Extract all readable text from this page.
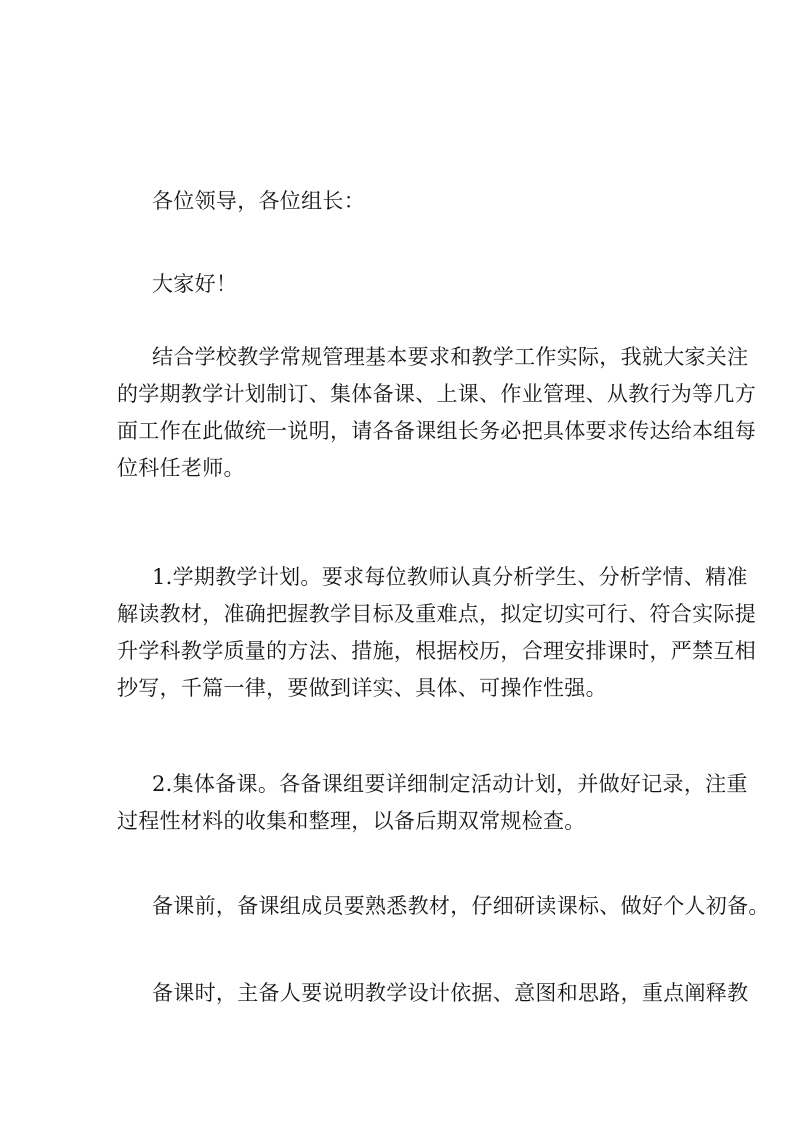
各位领导，各位组长：
大家好！
结合学校教学常规管理基本要求和教学工作实际，我就大家关注
的学期教学计划制订、集体备课、上课、作业管理、从教行为等几方
面工作在此做统一说明，请各备课组长务必把具体要求传达给本组每
位科任老师。
1.学期教学计划。要求每位教师认真分析学生、分析学情、精准
解读教材，准确把握教学目标及重难点，拟定切实可行、符合实际提
升学科教学质量的方法、措施，根据校历，合理安排课时，严禁互相
抄写，千篇一律，要做到详实、具体、可操作性强。
2.集体备课。各备课组要详细制定活动计划，并做好记录，注重
过程性材料的收集和整理，以备后期双常规检查。
备课前，备课组成员要熟悉教材，仔细研读课标、做好个人初备。
备课时，主备人要说明教学设计依据、意图和思路，重点阐释教
